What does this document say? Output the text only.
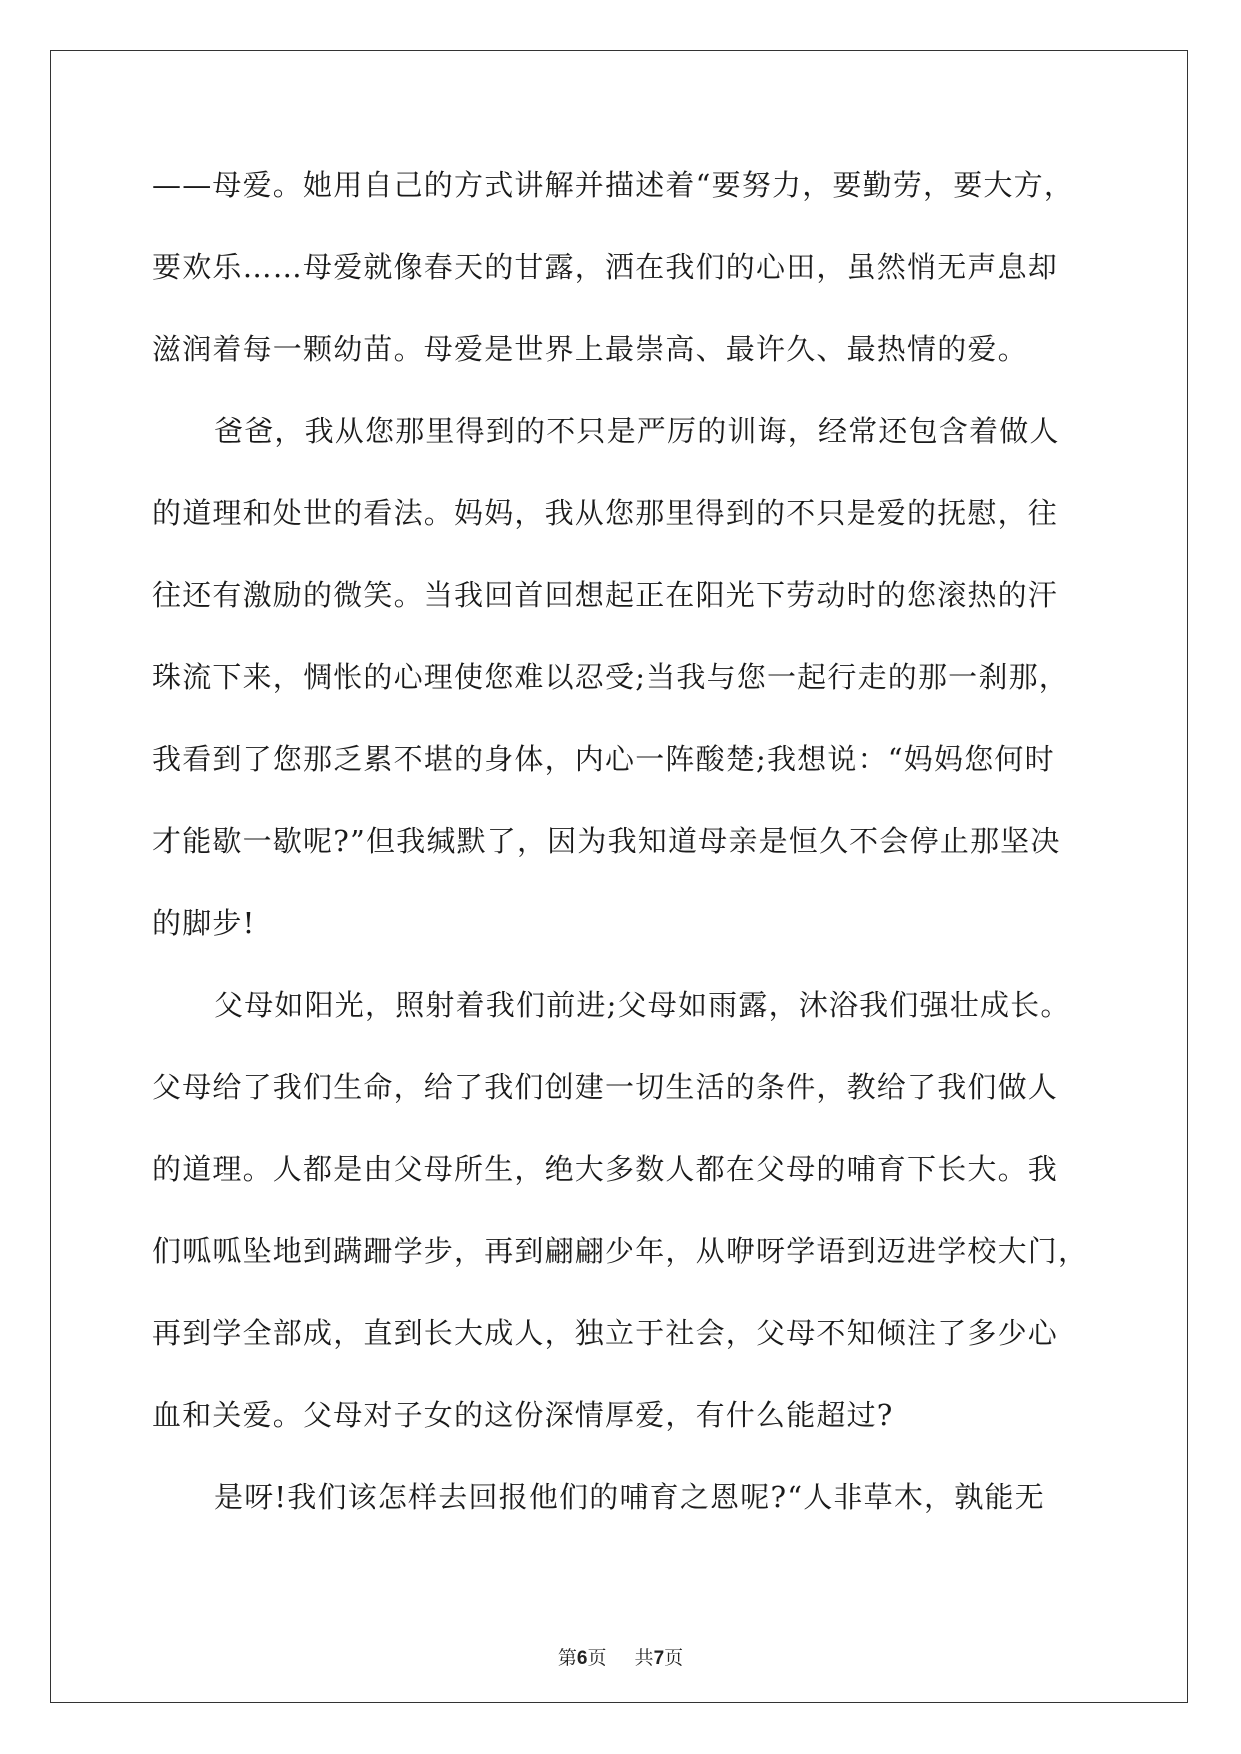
——母爱。她用自己的方式讲解并描述着“要努力，要勤劳，要大方，
要欢乐……母爱就像春天的甘露，洒在我们的心田，虽然悄无声息却
滋润着每一颗幼苗。母爱是世界上最崇高、最许久、最热情的爱。
爸爸，我从您那里得到的不只是严厉的训诲，经常还包含着做人
的道理和处世的看法。妈妈，我从您那里得到的不只是爱的抚慰，往
往还有激励的微笑。当我回首回想起正在阳光下劳动时的您滚热的汗
珠流下来，惆怅的心理使您难以忍受;当我与您一起行走的那一刹那，
我看到了您那乏累不堪的身体，内心一阵酸楚;我想说：“妈妈您何时
才能歇一歇呢?”但我缄默了，因为我知道母亲是恒久不会停止那坚决
的脚步!
父母如阳光，照射着我们前进;父母如雨露，沐浴我们强壮成长。
父母给了我们生命，给了我们创建一切生活的条件，教给了我们做人
的道理。人都是由父母所生，绝大多数人都在父母的哺育下长大。我
们呱呱坠地到蹒跚学步，再到翩翩少年，从咿呀学语到迈进学校大门，
再到学全部成，直到长大成人，独立于社会，父母不知倾注了多少心
血和关爱。父母对子女的这份深情厚爱，有什么能超过?
是呀!我们该怎样去回报他们的哺育之恩呢?“人非草木，孰能无
第6页 共7页
